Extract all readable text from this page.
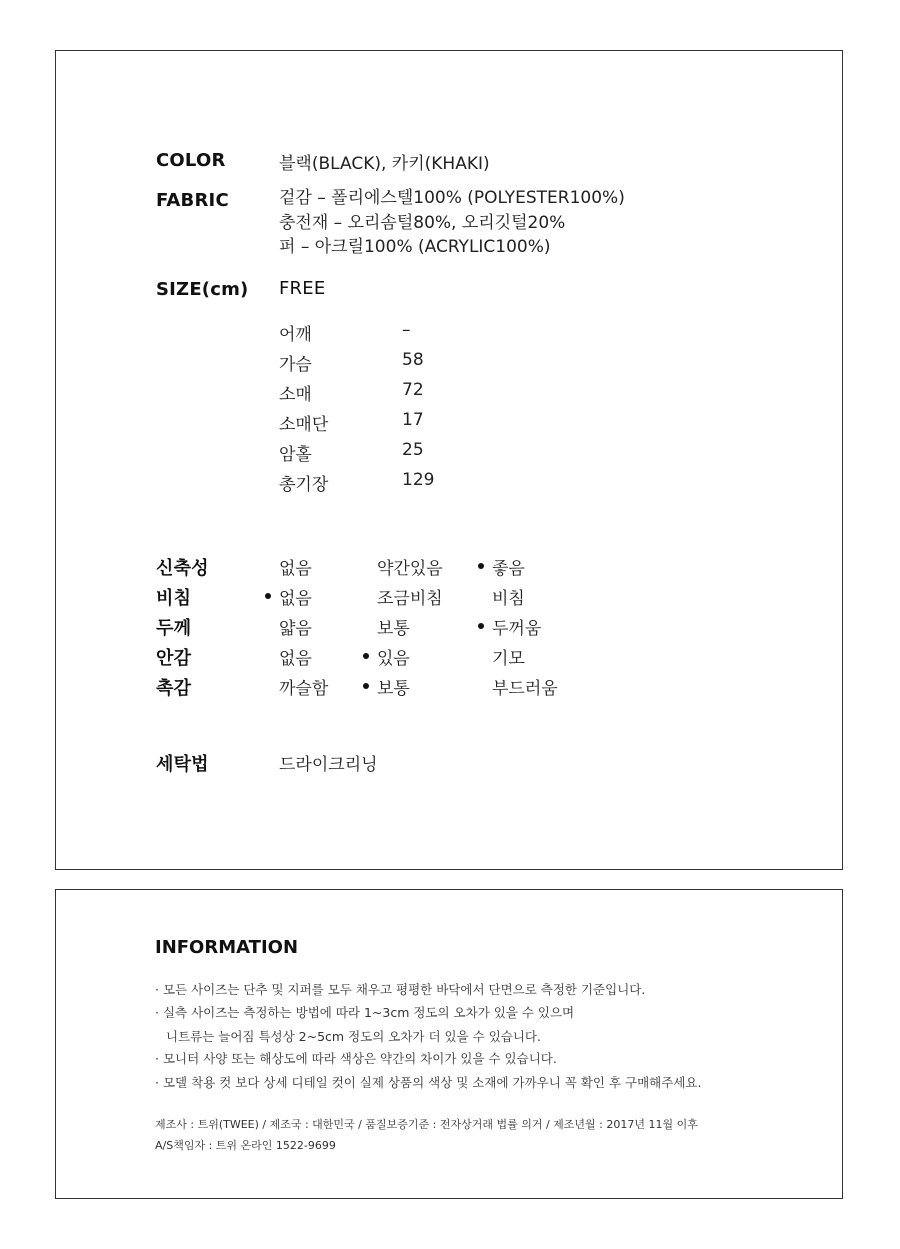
COLOR	블랙(BLACK), 카키(KHAKI)
FABRIC	겉감 – 폴리에스텔100% (POLYESTER100%)
충전재 – 오리솜털80%, 오리깃털20%
퍼 – 아크릴100% (ACRYLIC100%)
SIZE(cm) FREE
어깨	–
가슴	58
소매	72
소매단	17
암홀	25
총기장	129
신축성	없음	약간있음	좋음
비침	없음	조금비침	비침
두께	얇음	보통	두꺼움
안감	없음	있음	기모
촉감	까슬함	보통	부드러움
세탁법	드라이크리닝
INFORMATION
· 모든 사이즈는 단추 및 지퍼를 모두 채우고 평평한 바닥에서 단면으로 측정한 기준입니다.
· 실측 사이즈는 측정하는 방법에 따라 1~3cm 정도의 오차가 있을 수 있으며
니트류는 늘어짐 특성상 2~5cm 정도의 오차가 더 있을 수 있습니다.
· 모니터 사양 또는 해상도에 따라 색상은 약간의 차이가 있을 수 있습니다.
· 모델 착용 컷 보다 상세 디테일 컷이 실제 상품의 색상 및 소재에 가까우니 꼭 확인 후 구매해주세요.
제조사 : 트위(TWEE) / 제조국 : 대한민국 / 품질보증기준 : 전자상거래 법률 의거 / 제조년월 : 2017년 11월 이후
A/S책임자 : 트위 온라인 1522-9699
